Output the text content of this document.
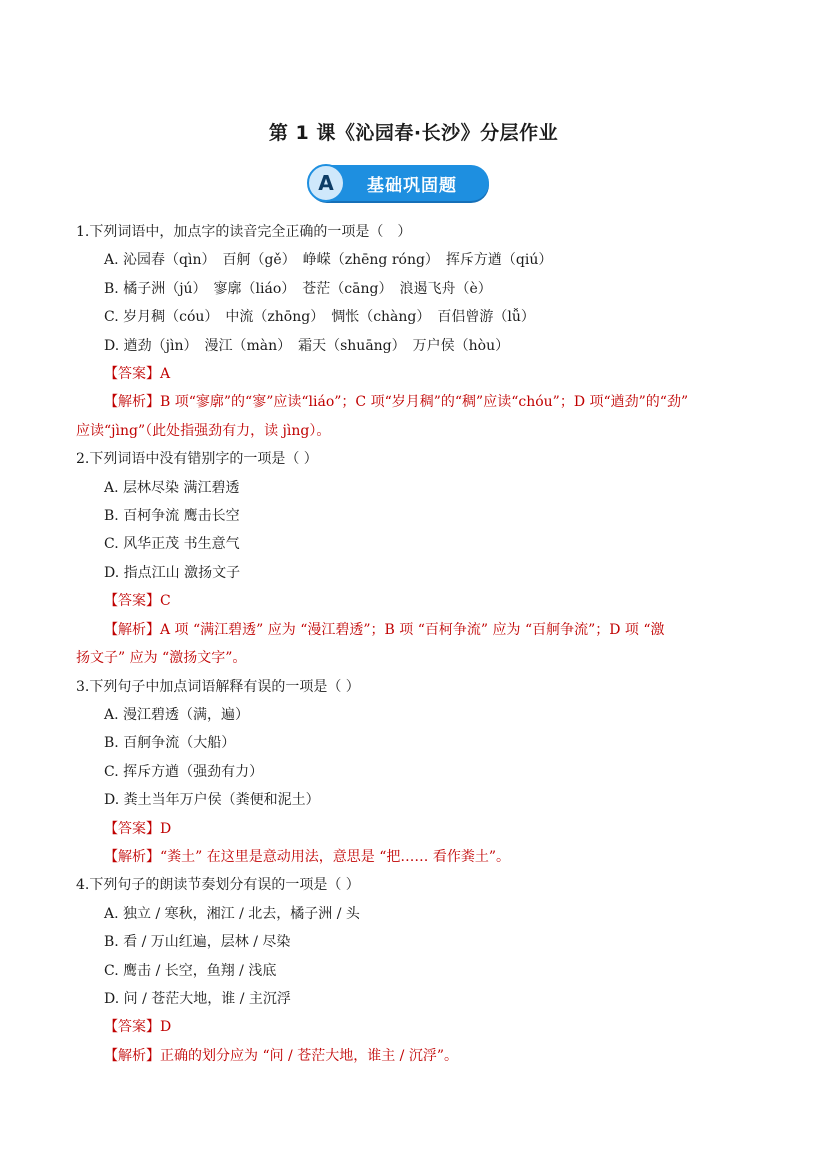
第 1 课《沁园春·长沙》分层作业
A	基础巩固题
1.下列词语中，加点字的读音完全正确的一项是（　）
A. 沁园春（qìn）　百舸（gě）　峥嵘（zhēng róng）　挥斥方遒（qiú）
B. 橘子洲（jú）　寥廓（liáo）　苍茫（cāng）　浪遏飞舟（è）
C. 岁月稠（cóu）　中流（zhōng）　惆怅（chàng）　百侣曾游（lǚ）
D. 遒劲（jìn）　漫江（màn）　霜天（shuāng）　万户侯（hòu）
【答案】A
【解析】B 项“寥廓”的“寥”应读“liáo”；C 项“岁月稠”的“稠”应读“chóu”；D 项“遒劲”的“劲”
应读“jìng”（此处指强劲有力，读 jìng）。
2.下列词语中没有错别字的一项是（ ）
A. 层林尽染 满江碧透
B. 百柯争流 鹰击长空
C. 风华正茂 书生意气
D. 指点江山 激扬文子
【答案】C
【解析】A 项 “满江碧透” 应为 “漫江碧透”；B 项 “百柯争流” 应为 “百舸争流”；D 项 “激
扬文子” 应为 “激扬文字”。
3.下列句子中加点词语解释有误的一项是（ ）
A. 漫江碧透（满，遍）
B. 百舸争流（大船）
C. 挥斥方遒（强劲有力）
D. 粪土当年万户侯（粪便和泥土）
【答案】D
【解析】“粪土” 在这里是意动用法，意思是 “把…… 看作粪土”。
4.下列句子的朗读节奏划分有误的一项是（ ）
A. 独立 / 寒秋，湘江 / 北去，橘子洲 / 头
B. 看 / 万山红遍，层林 / 尽染
C. 鹰击 / 长空，鱼翔 / 浅底
D. 问 / 苍茫大地，谁 / 主沉浮
【答案】D
【解析】正确的划分应为 “问 / 苍茫大地，谁主 / 沉浮”。
